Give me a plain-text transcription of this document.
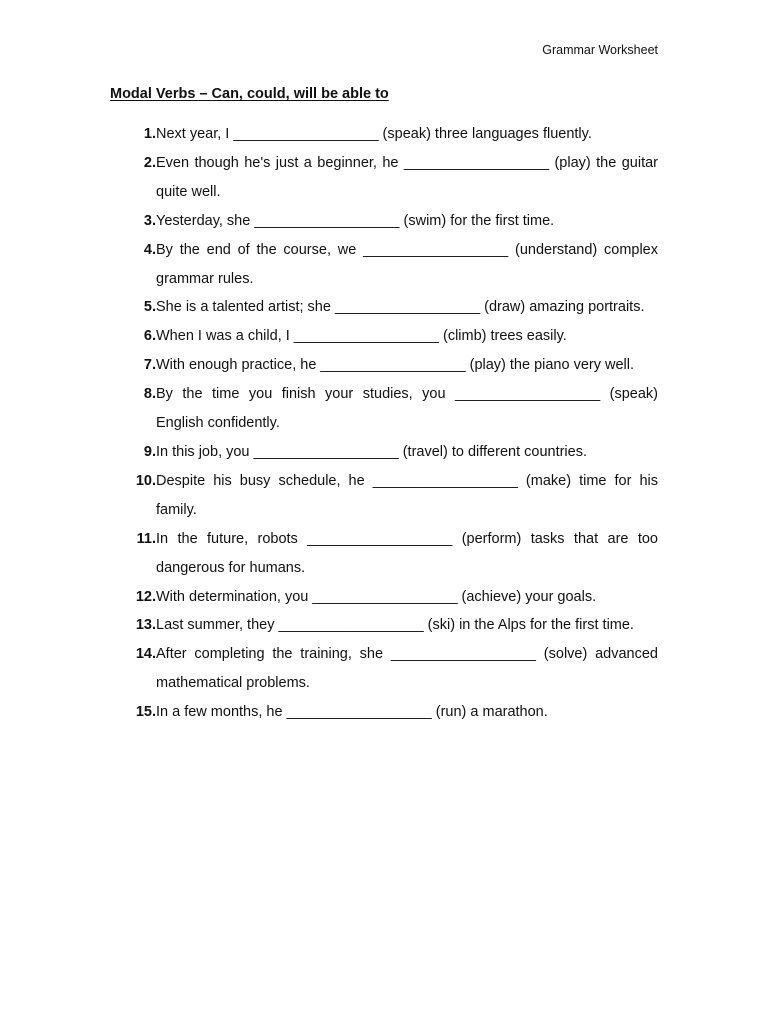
Grammar Worksheet
Modal Verbs – Can, could, will be able to
1. Next year, I __________________ (speak) three languages fluently.
2. Even though he's just a beginner, he __________________ (play) the guitar quite well.
3. Yesterday, she __________________ (swim) for the first time.
4. By the end of the course, we __________________ (understand) complex grammar rules.
5. She is a talented artist; she __________________ (draw) amazing portraits.
6. When I was a child, I __________________ (climb) trees easily.
7. With enough practice, he __________________ (play) the piano very well.
8. By the time you finish your studies, you __________________ (speak) English confidently.
9. In this job, you __________________ (travel) to different countries.
10. Despite his busy schedule, he __________________ (make) time for his family.
11. In the future, robots __________________ (perform) tasks that are too dangerous for humans.
12. With determination, you __________________ (achieve) your goals.
13. Last summer, they __________________ (ski) in the Alps for the first time.
14. After completing the training, she __________________ (solve) advanced mathematical problems.
15. In a few months, he __________________ (run) a marathon.
